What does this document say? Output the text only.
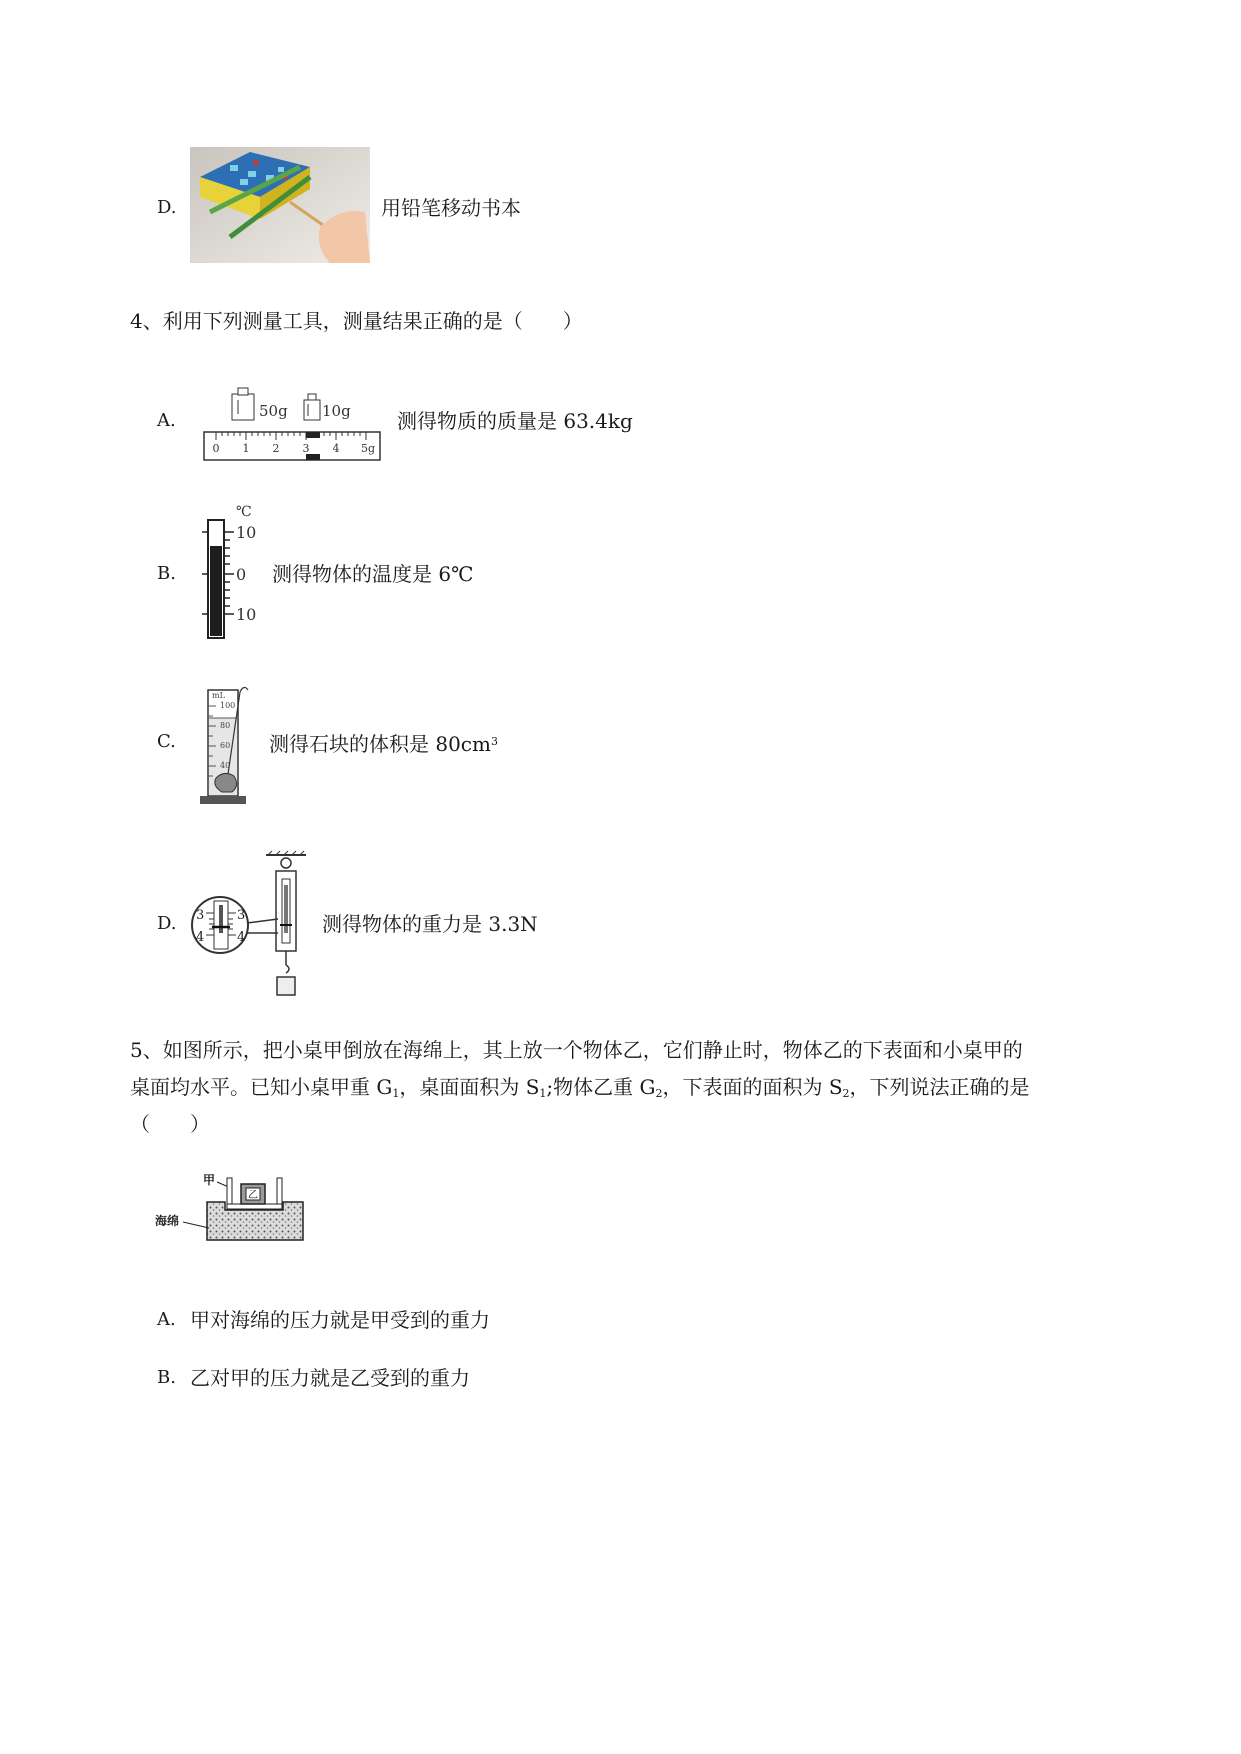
D.	用铅笔移动书本
4、利用下列测量工具，测量结果正确的是（　　）
A.	50g 10g
0 1 2 3 4 5g
测得物质的质量是 63.4kg
B.
℃
10
0
10
测得物体的温度是 6℃
C.
mL
100
80
60
40
测得石块的体积是 $80cm^3$
D. 3
4
3
4
测得物体的重力是 3.3N
5、如图所示，把小桌甲倒放在海绵上，其上放一个物体乙，它们静止时，物体乙的下表面和小桌甲的
桌面均水平。已知小桌甲重 $G_1$，桌面面积为 $S_1$;物体乙重 $G_2$，下表面的面积为 $S_2$，下列说法正确的是
（　　）
甲
乙
海绵
A. 甲对海绵的压力就是甲受到的重力
B. 乙对甲的压力就是乙受到的重力
